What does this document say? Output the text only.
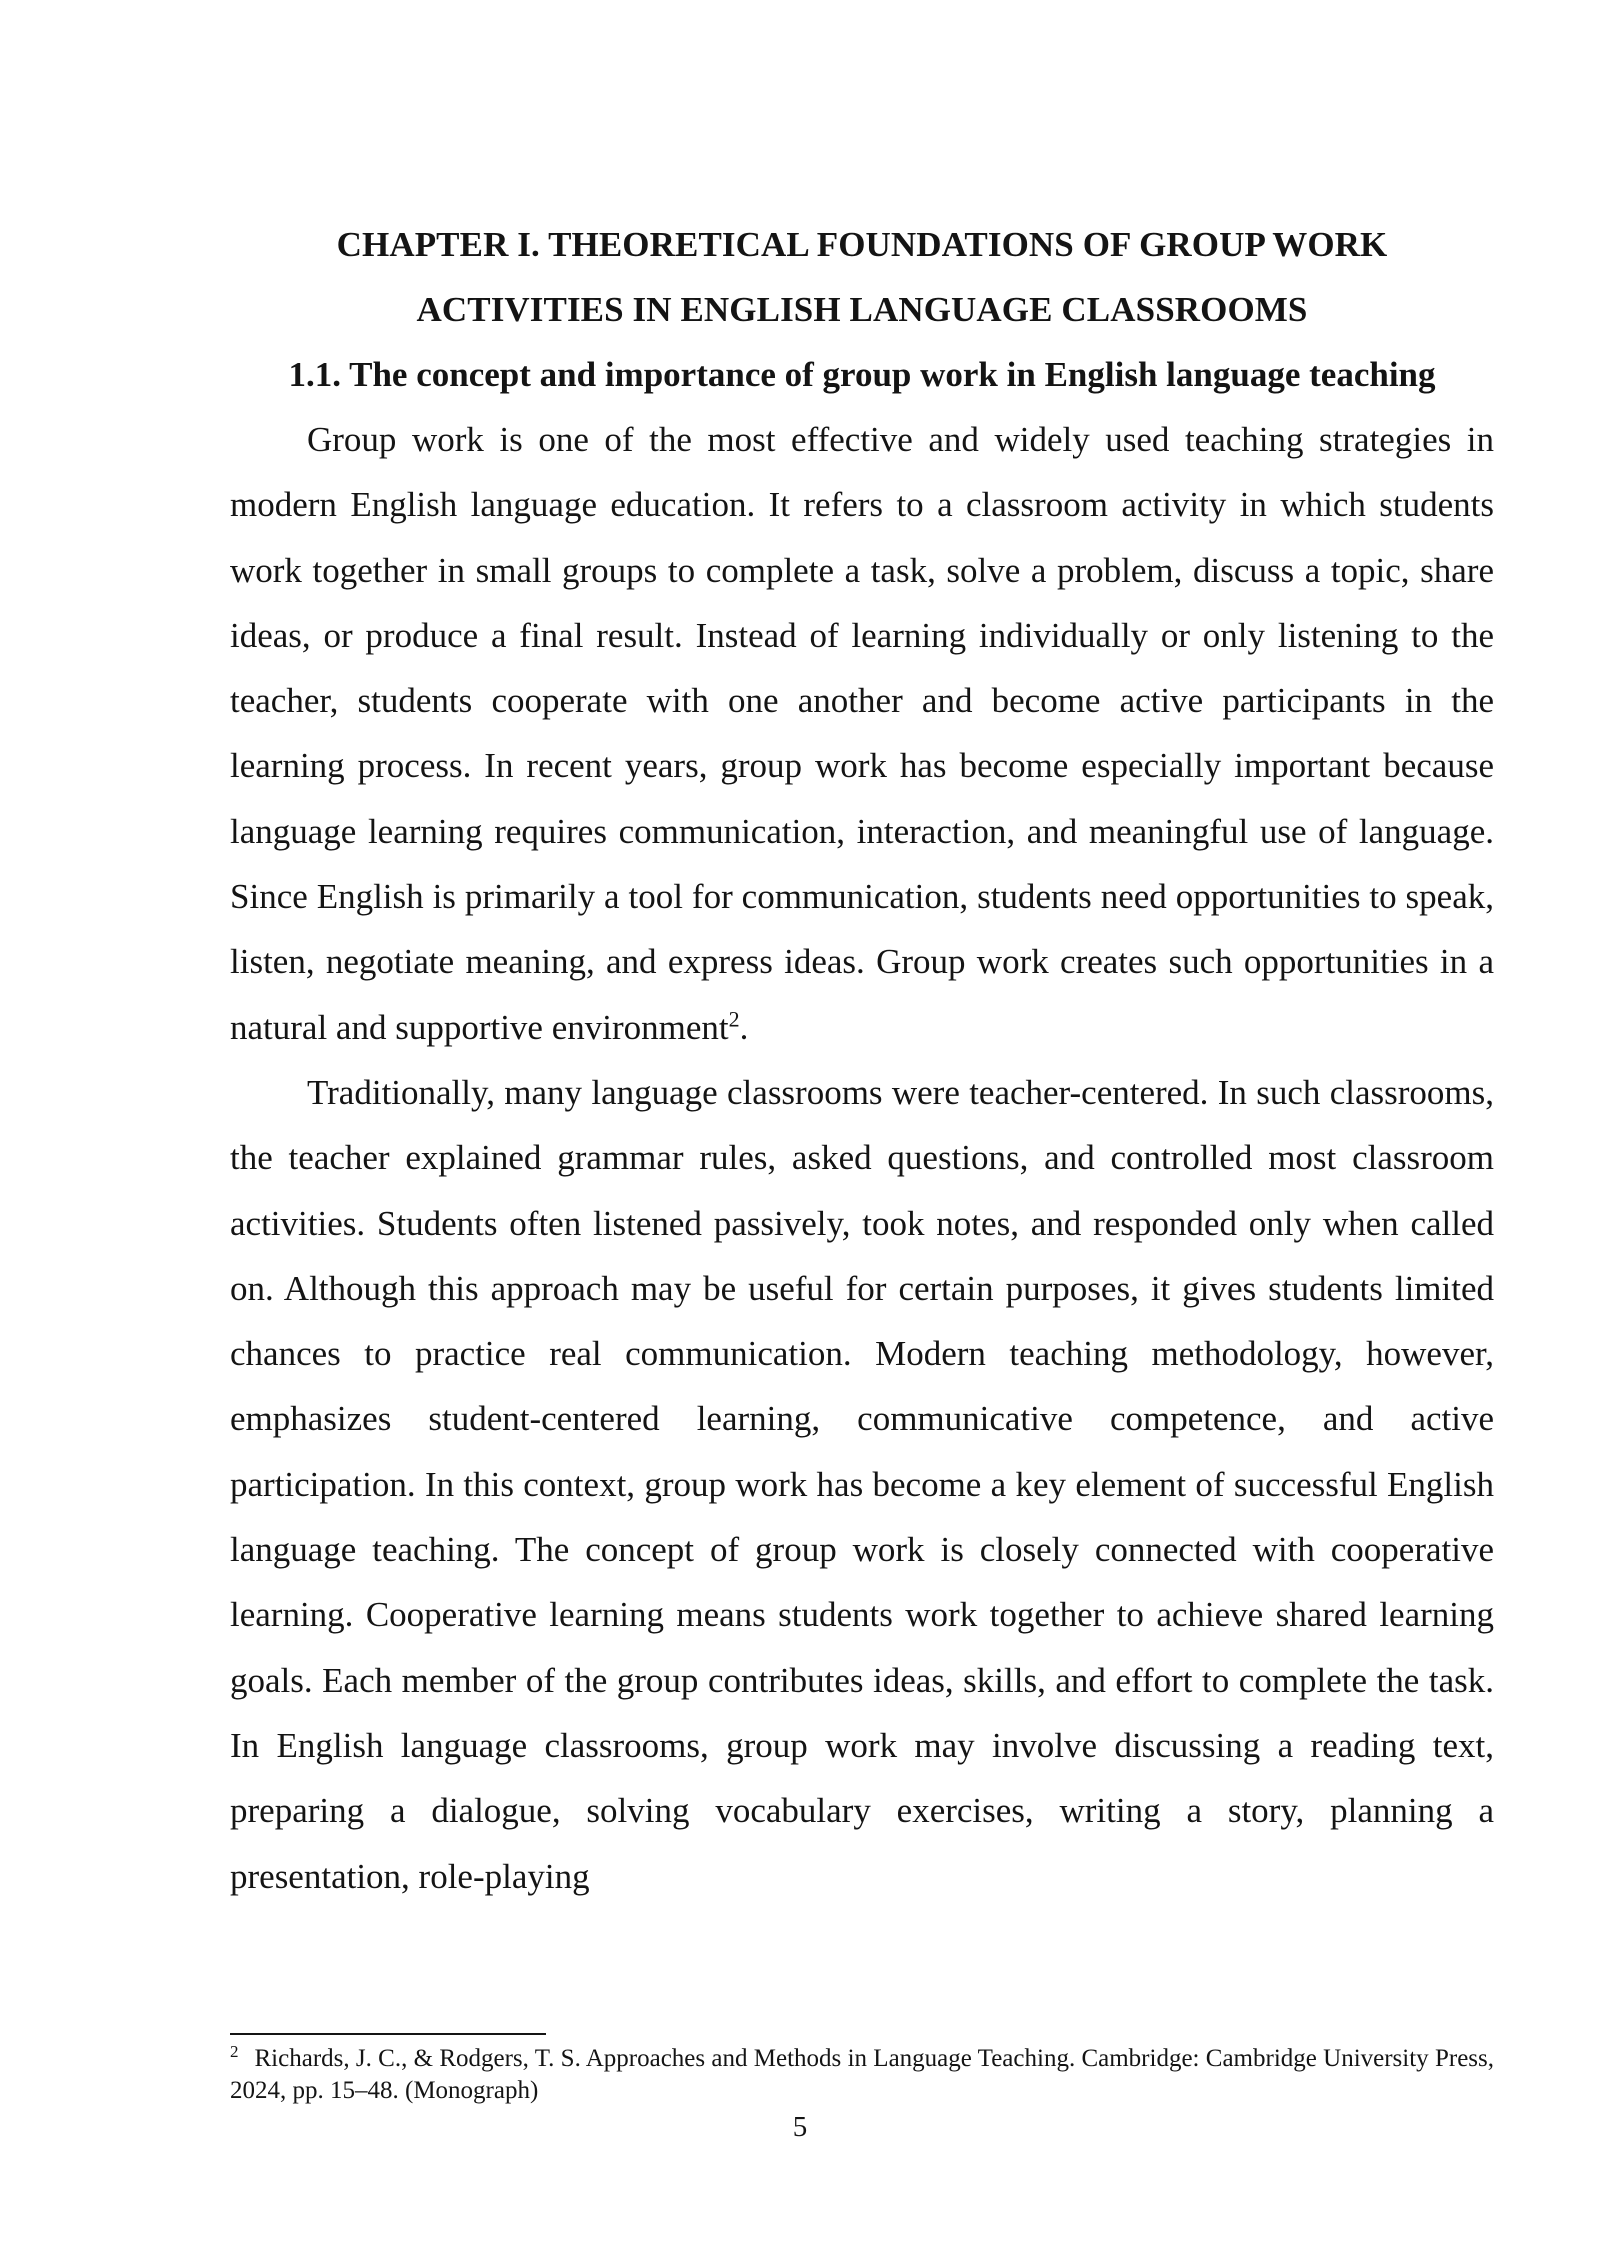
CHAPTER I. THEORETICAL FOUNDATIONS OF GROUP WORK
ACTIVITIES IN ENGLISH LANGUAGE CLASSROOMS
1.1. The concept and importance of group work in English language teaching

Group work is one of the most effective and widely used teaching strategies in modern English language education. It refers to a classroom activity in which students work together in small groups to complete a task, solve a problem, discuss a topic, share ideas, or produce a final result. Instead of learning individually or only listening to the teacher, students cooperate with one another and become active participants in the learning process. In recent years, group work has become especially important because language learning requires communication, interaction, and meaningful use of language. Since English is primarily a tool for communication, students need opportunities to speak, listen, negotiate meaning, and express ideas. Group work creates such opportunities in a natural and supportive environment$^2$.

Traditionally, many language classrooms were teacher-centered. In such classrooms, the teacher explained grammar rules, asked questions, and controlled most classroom activities. Students often listened passively, took notes, and responded only when called on. Although this approach may be useful for certain purposes, it gives students limited chances to practice real communication. Modern teaching methodology, however, emphasizes student-centered learning, communicative competence, and active participation. In this context, group work has become a key element of successful English language teaching. The concept of group work is closely connected with cooperative learning. Cooperative learning means students work together to achieve shared learning goals. Each member of the group contributes ideas, skills, and effort to complete the task. In English language classrooms, group work may involve discussing a reading text, preparing a dialogue, solving vocabulary exercises, writing a story, planning a presentation, role-playing

$^2$ Richards, J. C., & Rodgers, T. S. Approaches and Methods in Language Teaching. Cambridge: Cambridge University Press, 2024, pp. 15–48. (Monograph)

5
